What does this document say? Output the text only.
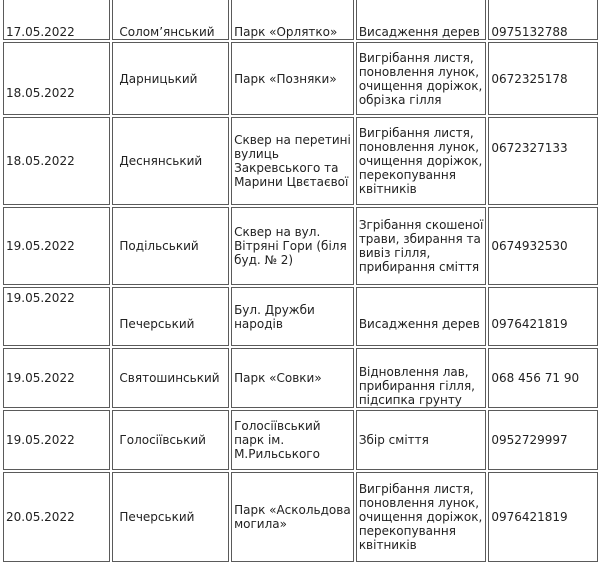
17.05.2022	Солом’янський	Парк «Орлятко»	Висадження дерев	0975132788
18.05.2022	Дарницький	Парк «Позняки»	Вигрібання листя,
поновлення лунок,
очищення доріжок,
обрізка гілля	0672325178
18.05.2022	Деснянський	Сквер на перетині
вулиць
Закревського та
Марини Цвєтаєвої	Вигрібання листя,
поновлення лунок,
очищення доріжок,
перекопування
квітників	0672327133
19.05.2022	Подільський	Сквер на вул.
Вітряні Гори (біля
буд. № 2)	Згрібання скошеної
трави, збирання та
вивіз гілля,
прибирання сміття	0674932530
19.05.2022	Печерський	Бул. Дружби
народів	Висадження дерев	0976421819
19.05.2022	Святошинський	Парк «Совки»	Відновлення лав,
прибирання гілля,
підсипка грунту	068 456 71 90
19.05.2022	Голосіївський	Голосіївський
парк ім.
М.Рильського	Збір сміття	0952729997
20.05.2022	Печерський	Парк «Аскольдова
могила»	Вигрібання листя,
поновлення лунок,
очищення доріжок,
перекопування
квітників	0976421819
